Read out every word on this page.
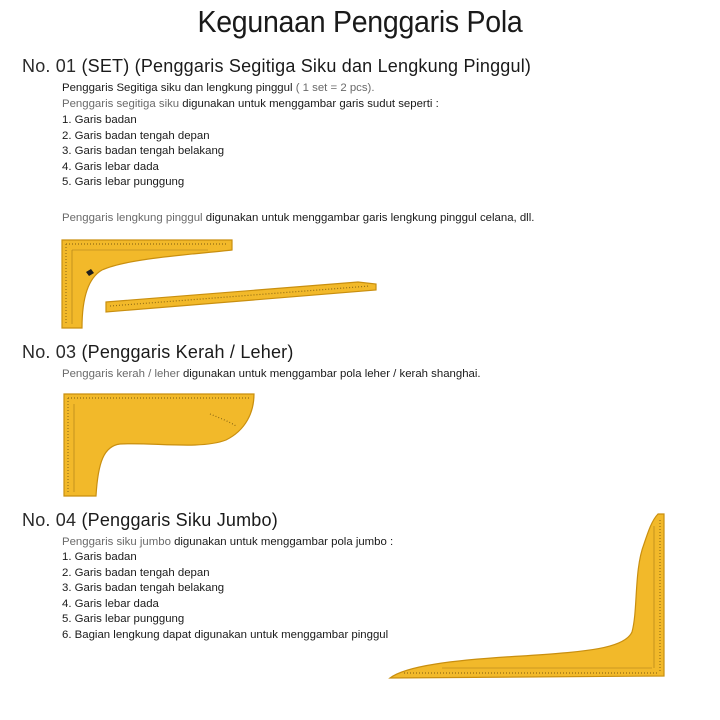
Kegunaan Penggaris Pola
No. 01 (SET) (Penggaris Segitiga Siku dan Lengkung Pinggul)
Penggaris Segitiga siku dan lengkung pinggul ( 1 set = 2 pcs).
Penggaris segitiga siku digunakan untuk menggambar garis sudut seperti :
1. Garis badan
2. Garis badan tengah depan
3. Garis badan tengah belakang
4. Garis lebar dada
5. Garis lebar punggung
Penggaris lengkung pinggul digunakan untuk menggambar garis lengkung pinggul celana, dll.
No. 03 (Penggaris Kerah / Leher)
Penggaris kerah / leher digunakan untuk menggambar pola leher / kerah shanghai.
No. 04 (Penggaris Siku Jumbo)
Penggaris siku jumbo digunakan untuk menggambar pola jumbo :
1. Garis badan
2. Garis badan tengah depan
3. Garis badan tengah belakang
4. Garis lebar dada
5. Garis lebar punggung
6. Bagian lengkung dapat digunakan untuk menggambar pinggul
